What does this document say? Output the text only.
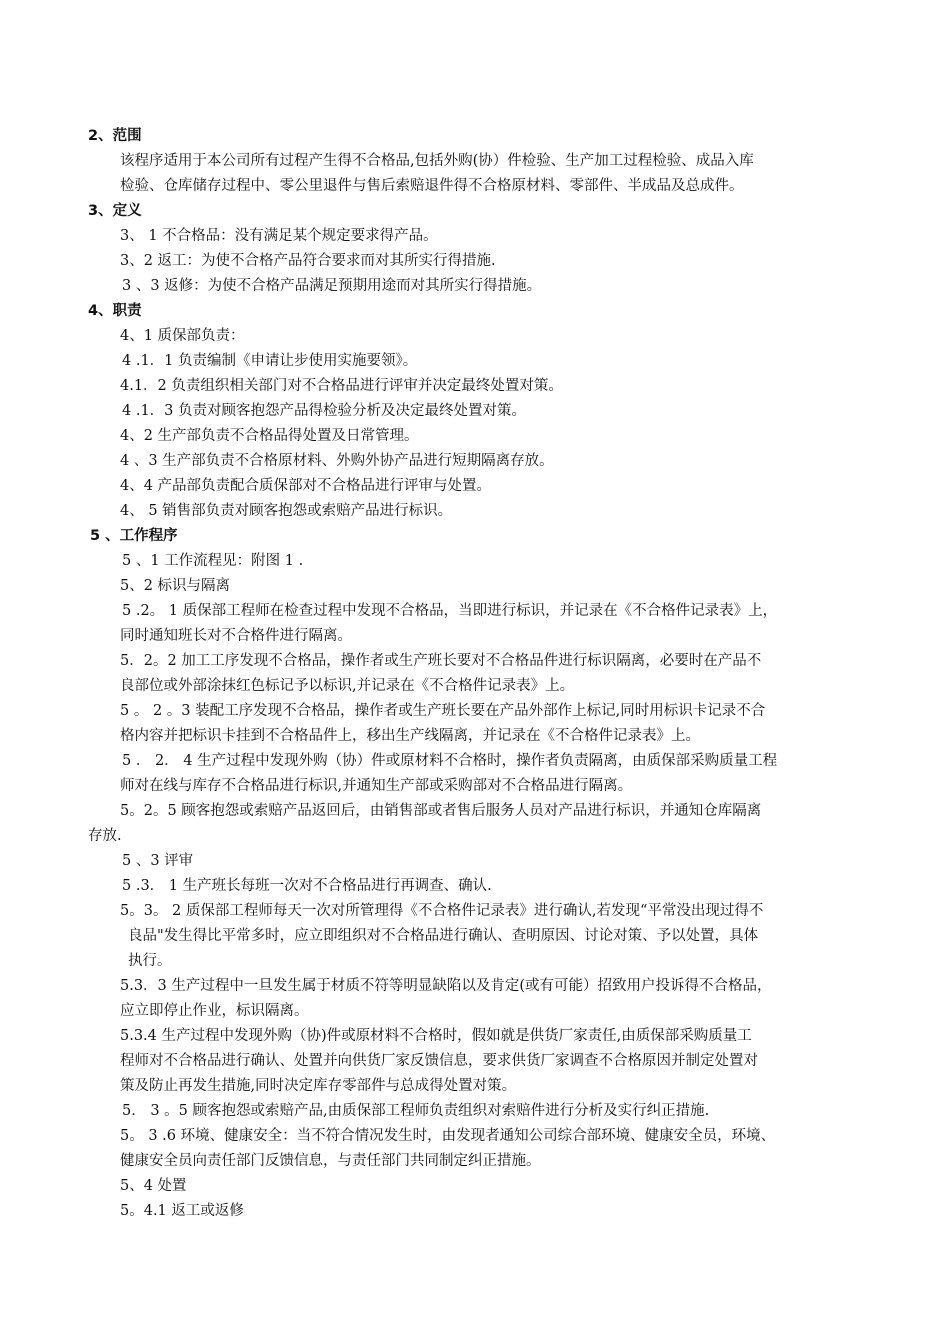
2、范围
该程序适用于本公司所有过程产生得不合格品,包括外购(协）件检验、生产加工过程检验、成品入库
检验、仓库储存过程中、零公里退件与售后索赔退件得不合格原材料、零部件、半成品及总成件。
3、定义
3、 1 不合格品：没有满足某个规定要求得产品。
3、2 返工：为使不合格产品符合要求而对其所实行得措施.
3 、3 返修：为使不合格产品满足预期用途而对其所实行得措施。
4、职责
4、1 质保部负责：
4 .1．1 负责编制《申请让步使用实施要领》。
4.1．2 负责组织相关部门对不合格品进行评审并决定最终处置对策。
4 .1．3 负责对顾客抱怨产品得检验分析及决定最终处置对策。
4、2 生产部负责不合格品得处置及日常管理。
4 、3 生产部负责不合格原材料、外购外协产品进行短期隔离存放。
4、4 产品部负责配合质保部对不合格品进行评审与处置。
4、 5 销售部负责对顾客抱怨或索赔产品进行标识。
5 、工作程序
5 、1 工作流程见：附图 1 .
5、2 标识与隔离
5 .2。 1 质保部工程师在检查过程中发现不合格品，当即进行标识，并记录在《不合格件记录表》上，
同时通知班长对不合格件进行隔离。
5．2。2 加工工序发现不合格品，操作者或生产班长要对不合格品件进行标识隔离，必要时在产品不
良部位或外部涂抹红色标记予以标识,并记录在《不合格件记录表》上。
5 。 2 。3 装配工序发现不合格品，操作者或生产班长要在产品外部作上标记,同时用标识卡记录不合
格内容并把标识卡挂到不合格品件上，移出生产线隔离，并记录在《不合格件记录表》上。
5 ． 2． 4 生产过程中发现外购（协）件或原材料不合格时，操作者负责隔离，由质保部采购质量工程
师对在线与库存不合格品进行标识,并通知生产部或采购部对不合格品进行隔离。
5。2。5 顾客抱怨或索赔产品返回后，由销售部或者售后服务人员对产品进行标识，并通知仓库隔离
存放.
5 、3 评审
5 .3． 1 生产班长每班一次对不合格品进行再调查、确认.
5。3。 2 质保部工程师每天一次对所管理得《不合格件记录表》进行确认,若发现“平常没出现过得不
良品"发生得比平常多时，应立即组织对不合格品进行确认、查明原因、讨论对策、予以处置，具体
执行。
5.3．3 生产过程中一旦发生属于材质不符等明显缺陷以及肯定(或有可能）招致用户投诉得不合格品，
应立即停止作业，标识隔离。
5.3.4 生产过程中发现外购（协)件或原材料不合格时，假如就是供货厂家责任,由质保部采购质量工
程师对不合格品进行确认、处置并向供货厂家反馈信息，要求供货厂家调查不合格原因并制定处置对
策及防止再发生措施,同时决定库存零部件与总成得处置对策。
5． 3 。5 顾客抱怨或索赔产品,由质保部工程师负责组织对索赔件进行分析及实行纠正措施.
5。 3 .6 环境、健康安全：当不符合情况发生时，由发现者通知公司综合部环境、健康安全员，环境、
健康安全员向责任部门反馈信息，与责任部门共同制定纠正措施。
5、4 处置
5。4.1 返工或返修
